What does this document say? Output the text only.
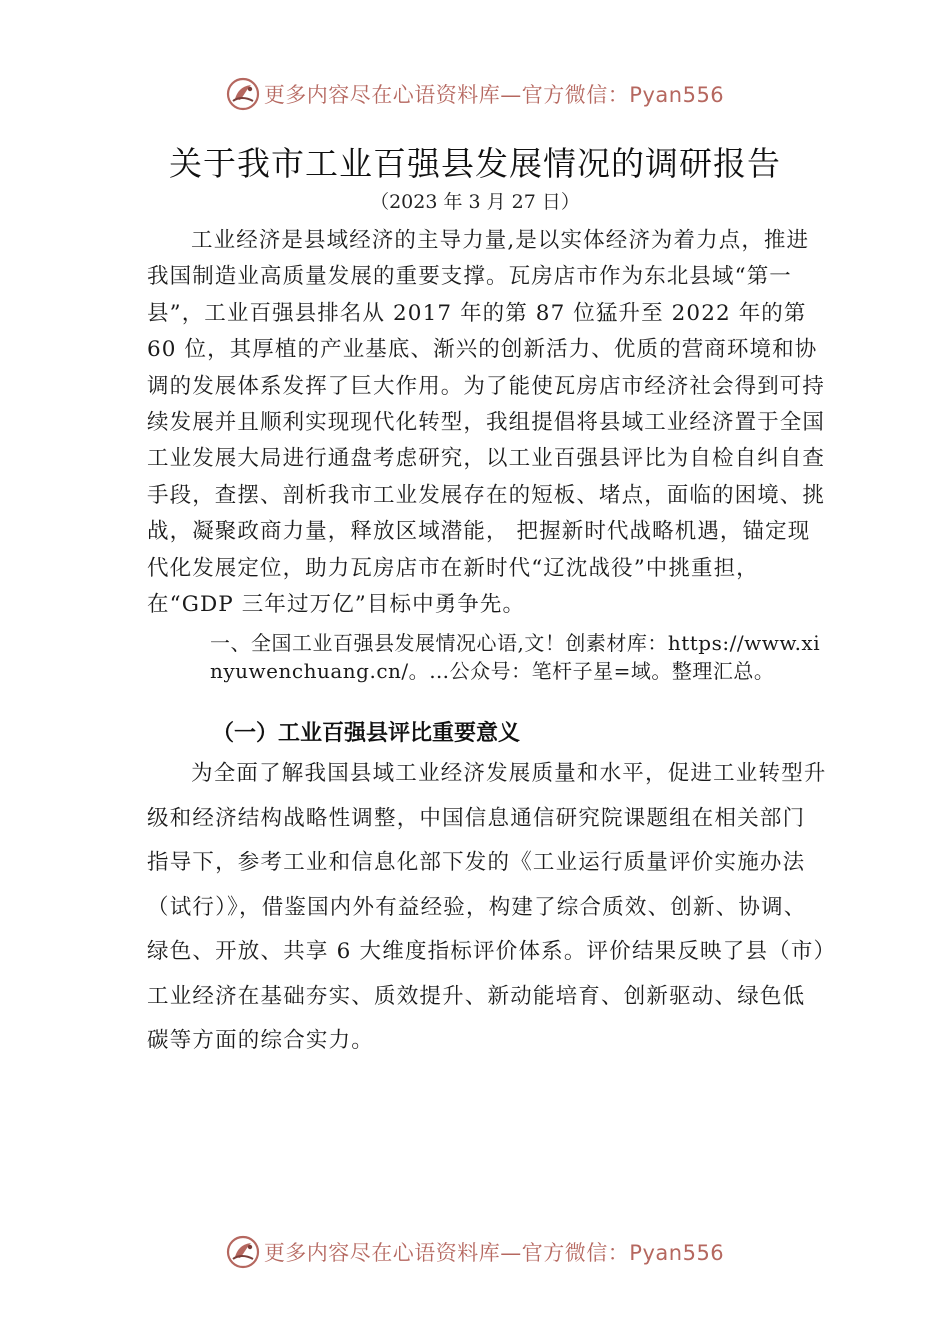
更多内容尽在心语资料库—官方微信：Pyan556
关于我市工业百强县发展情况的调研报告
（2023 年 3 月 27 日）

工业经济是县域经济的主导力量,是以实体经济为着力点，推进我国制造业高质量发展的重要支撑。瓦房店市作为东北县域“第一县”，工业百强县排名从 2017 年的第 87 位猛升至 2022 年的第 60 位，其厚植的产业基底、渐兴的创新活力、优质的营商环境和协调的发展体系发挥了巨大作用。为了能使瓦房店市经济社会得到可持续发展并且顺利实现现代化转型，我组提倡将县域工业经济置于全国工业发展大局进行通盘考虑研究，以工业百强县评比为自检自纠自查手段，查摆、剖析我市工业发展存在的短板、堵点，面临的困境、挑战，凝聚政商力量，释放区域潜能， 把握新时代战略机遇，锚定现代化发展定位，助力瓦房店市在新时代“辽沈战役”中挑重担，在“GDP 三年过万亿”目标中勇争先。

一、全国工业百强县发展情况心语,文！创素材库：https://www.xinyuwenchuang.cn/。…公众号：笔杆子星=域。整理汇总。

（一）工业百强县评比重要意义

为全面了解我国县域工业经济发展质量和水平，促进工业转型升级和经济结构战略性调整，中国信息通信研究院课题组在相关部门指导下，参考工业和信息化部下发的《工业运行质量评价实施办法（试行）》，借鉴国内外有益经验，构建了综合质效、创新、协调、绿色、开放、共享 6 大维度指标评价体系。评价结果反映了县（市）工业经济在基础夯实、质效提升、新动能培育、创新驱动、绿色低碳等方面的综合实力。

更多内容尽在心语资料库—官方微信：Pyan556
